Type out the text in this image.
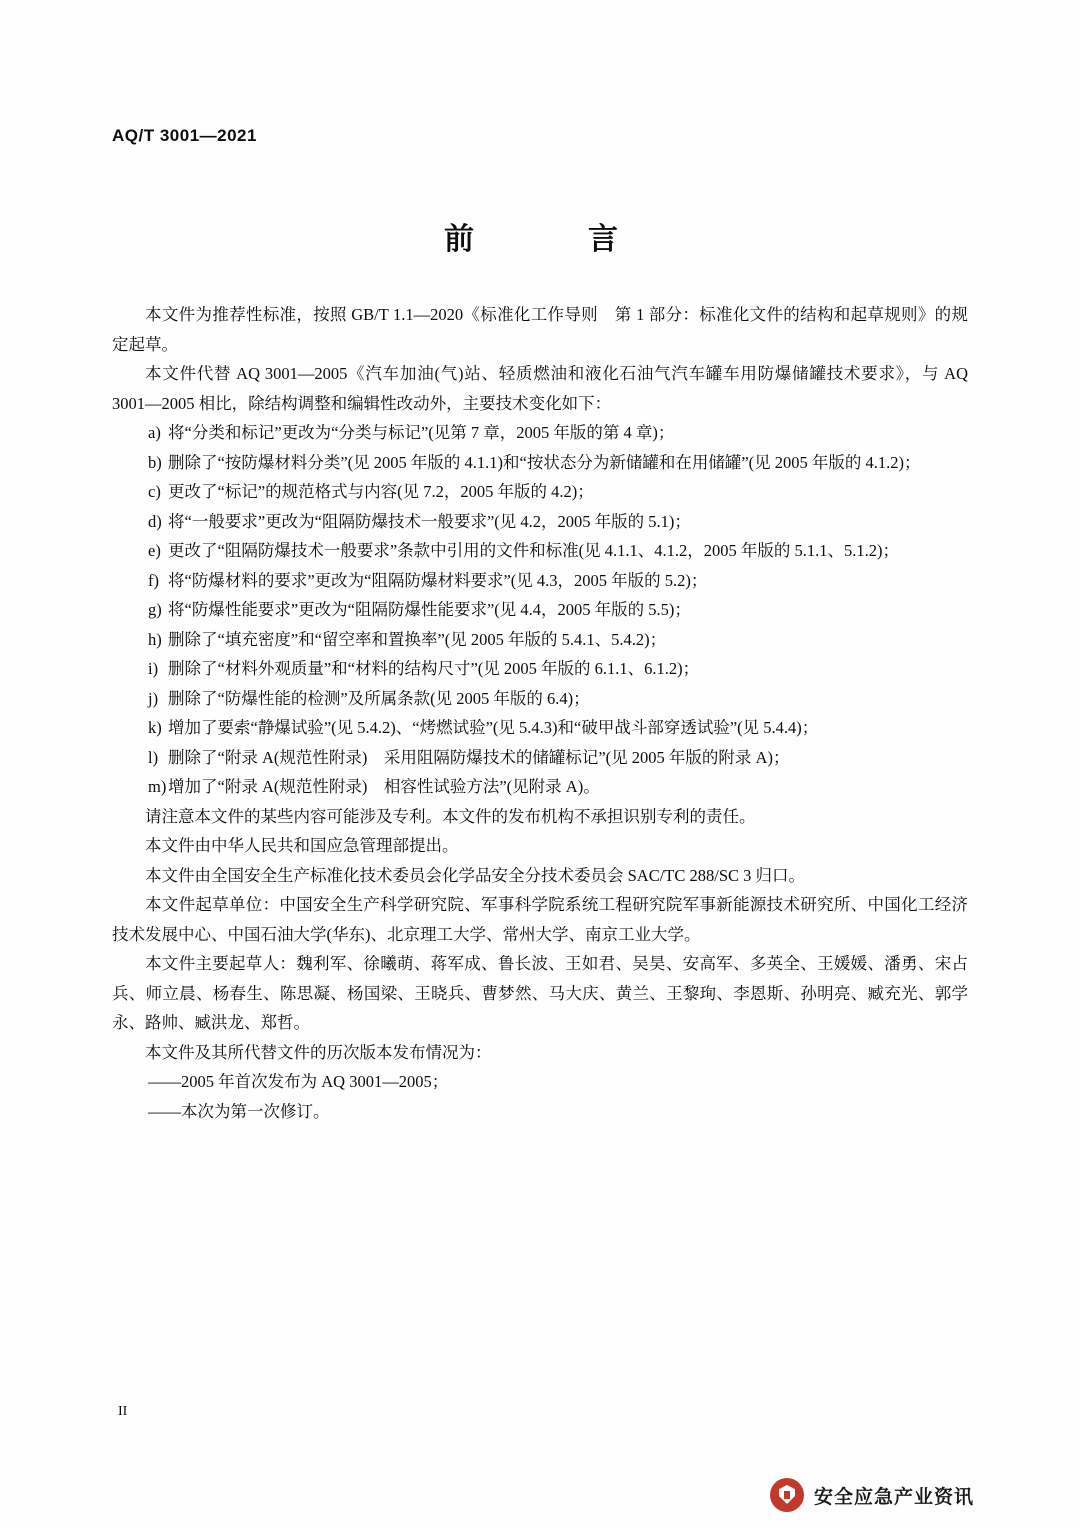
AQ/T 3001—2021
前　　言

本文件为推荐性标准，按照 GB/T 1.1—2020《标准化工作导则　第 1 部分：标准化文件的结构和起草规则》的规定起草。

本文件代替 AQ 3001—2005《汽车加油(气)站、轻质燃油和液化石油气汽车罐车用防爆储罐技术要求》，与 AQ 3001—2005 相比，除结构调整和编辑性改动外，主要技术变化如下：

a) 将“分类和标记”更改为“分类与标记”(见第 7 章，2005 年版的第 4 章)；
b) 删除了“按防爆材料分类”(见 2005 年版的 4.1.1)和“按状态分为新储罐和在用储罐”(见 2005 年版的 4.1.2)；
c) 更改了“标记”的规范格式与内容(见 7.2，2005 年版的 4.2)；
d) 将“一般要求”更改为“阻隔防爆技术一般要求”(见 4.2，2005 年版的 5.1)；
e) 更改了“阻隔防爆技术一般要求”条款中引用的文件和标准(见 4.1.1、4.1.2，2005 年版的 5.1.1、5.1.2)；
f) 将“防爆材料的要求”更改为“阻隔防爆材料要求”(见 4.3，2005 年版的 5.2)；
g) 将“防爆性能要求”更改为“阻隔防爆性能要求”(见 4.4，2005 年版的 5.5)；
h) 删除了“填充密度”和“留空率和置换率”(见 2005 年版的 5.4.1、5.4.2)；
i) 删除了“材料外观质量”和“材料的结构尺寸”(见 2005 年版的 6.1.1、6.1.2)；
j) 删除了“防爆性能的检测”及所属条款(见 2005 年版的 6.4)；
k) 增加了要索“静爆试验”(见 5.4.2)、“烤燃试验”(见 5.4.3)和“破甲战斗部穿透试验”(见 5.4.4)；
l) 删除了“附录 A(规范性附录)　采用阻隔防爆技术的储罐标记”(见 2005 年版的附录 A)；
m) 增加了“附录 A(规范性附录)　相容性试验方法”(见附录 A)。

请注意本文件的某些内容可能涉及专利。本文件的发布机构不承担识别专利的责任。

本文件由中华人民共和国应急管理部提出。

本文件由全国安全生产标准化技术委员会化学品安全分技术委员会 SAC/TC 288/SC 3 归口。

本文件起草单位：中国安全生产科学研究院、军事科学院系统工程研究院军事新能源技术研究所、中国化工经济技术发展中心、中国石油大学(华东)、北京理工大学、常州大学、南京工业大学。

本文件主要起草人：魏利军、徐曦萌、蒋军成、鲁长波、王如君、吴昊、安高军、多英全、王媛媛、潘勇、宋占兵、师立晨、杨春生、陈思凝、杨国梁、王晓兵、曹梦然、马大庆、黄兰、王黎珣、李恩斯、孙明亮、臧充光、郭学永、路帅、臧洪龙、郑哲。

本文件及其所代替文件的历次版本发布情况为：

——2005 年首次发布为 AQ 3001—2005；

——本次为第一次修订。

II
安全应急产业资讯
